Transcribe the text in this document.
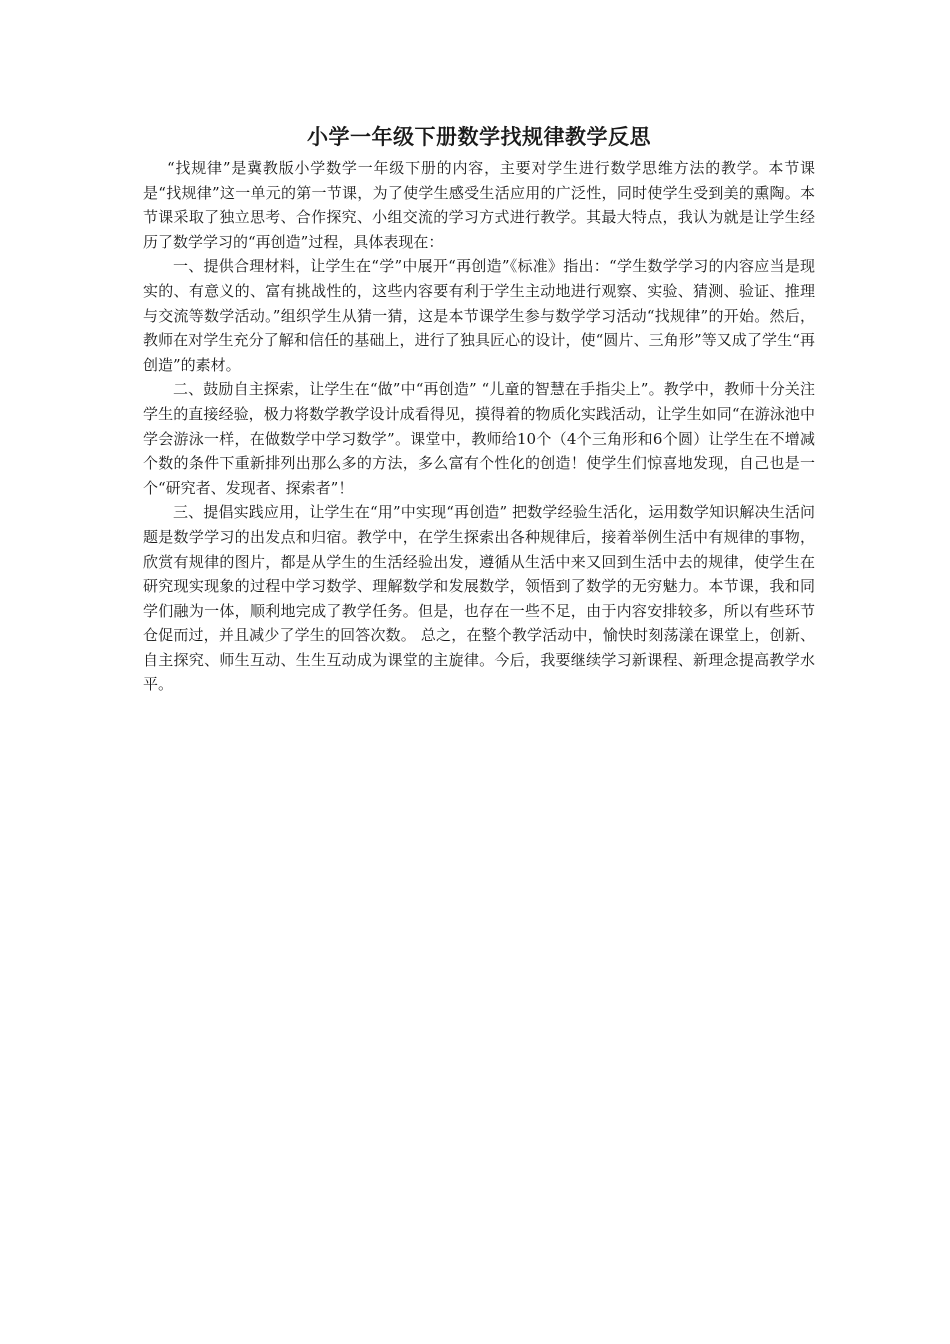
小学一年级下册数学找规律教学反思

“找规律”是冀教版小学数学一年级下册的内容，主要对学生进行数学思维方法的教学。本节课是“找规律”这一单元的第一节课，为了使学生感受生活应用的广泛性，同时使学生受到美的熏陶。本节课采取了独立思考、合作探究、小组交流的学习方式进行教学。其最大特点，我认为就是让学生经历了数学学习的“再创造”过程，具体表现在：

一、提供合理材料，让学生在“学”中展开“再创造”《标准》指出：“学生数学学习的内容应当是现实的、有意义的、富有挑战性的，这些内容要有利于学生主动地进行观察、实验、猜测、验证、推理与交流等数学活动。”组织学生从猜一猜，这是本节课学生参与数学学习活动“找规律”的开始。然后，教师在对学生充分了解和信任的基础上，进行了独具匠心的设计，使“圆片、三角形”等又成了学生“再创造”的素材。

二、鼓励自主探索，让学生在“做”中“再创造” “儿童的智慧在手指尖上”。教学中，教师十分关注学生的直接经验，极力将数学教学设计成看得见，摸得着的物质化实践活动，让学生如同“在游泳池中学会游泳一样，在做数学中学习数学”。课堂中，教师给10个（4个三角形和6个圆）让学生在不增减个数的条件下重新排列出那么多的方法，多么富有个性化的创造！使学生们惊喜地发现，自己也是一个“研究者、发现者、探索者”！

三、提倡实践应用，让学生在“用”中实现“再创造” 把数学经验生活化，运用数学知识解决生活问题是数学学习的出发点和归宿。教学中，在学生探索出各种规律后，接着举例生活中有规律的事物，欣赏有规律的图片，都是从学生的生活经验出发，遵循从生活中来又回到生活中去的规律，使学生在研究现实现象的过程中学习数学、理解数学和发展数学，领悟到了数学的无穷魅力。本节课，我和同学们融为一体，顺利地完成了教学任务。但是，也存在一些不足，由于内容安排较多，所以有些环节仓促而过，并且减少了学生的回答次数。 总之，在整个教学活动中，愉快时刻荡漾在课堂上，创新、自主探究、师生互动、生生互动成为课堂的主旋律。今后，我要继续学习新课程、新理念提高教学水平。
